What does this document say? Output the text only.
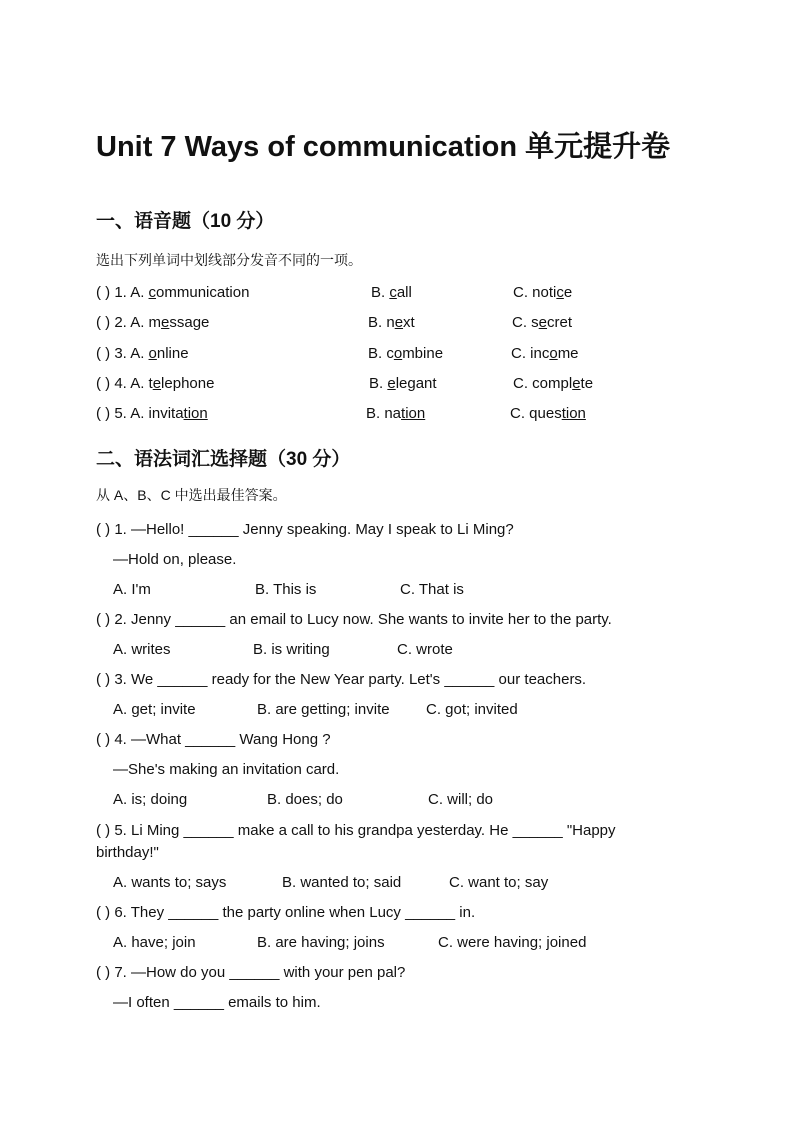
Unit 7 Ways of communication 单元提升卷
一、语音题（10 分）
选出下列单词中划线部分发音不同的一项。
( ) 1. A. communication	B. call	C. notice
( ) 2. A. message	B. next	C. secret
( ) 3. A. online	B. combine	C. income
( ) 4. A. telephone	B. elegant	C. complete
( ) 5. A. invitation	B. nation	C. question
二、语法词汇选择题（30 分）
从 A、B、C 中选出最佳答案。
( ) 1. —Hello! ______ Jenny speaking. May I speak to Li Ming?
—Hold on, please.
A. I'm	B. This is	C. That is
( ) 2. Jenny ______ an email to Lucy now. She wants to invite her to the party.
A. writes	B. is writing	C. wrote
( ) 3. We ______ ready for the New Year party. Let's ______ our teachers.
A. get; invite	B. are getting; invite C. got; invited
( ) 4. —What ______ Wang Hong ?
—She's making an invitation card.
A. is; doing	B. does; do	C. will; do
( ) 5. Li Ming ______ make a call to his grandpa yesterday. He ______ "Happy
birthday!"
A. wants to; says	B. wanted to; said	C. want to; say
( ) 6. They ______ the party online when Lucy ______ in.
A. have; join	B. are having; joins	C. were having; joined
( ) 7. —How do you ______ with your pen pal?
—I often ______ emails to him.
